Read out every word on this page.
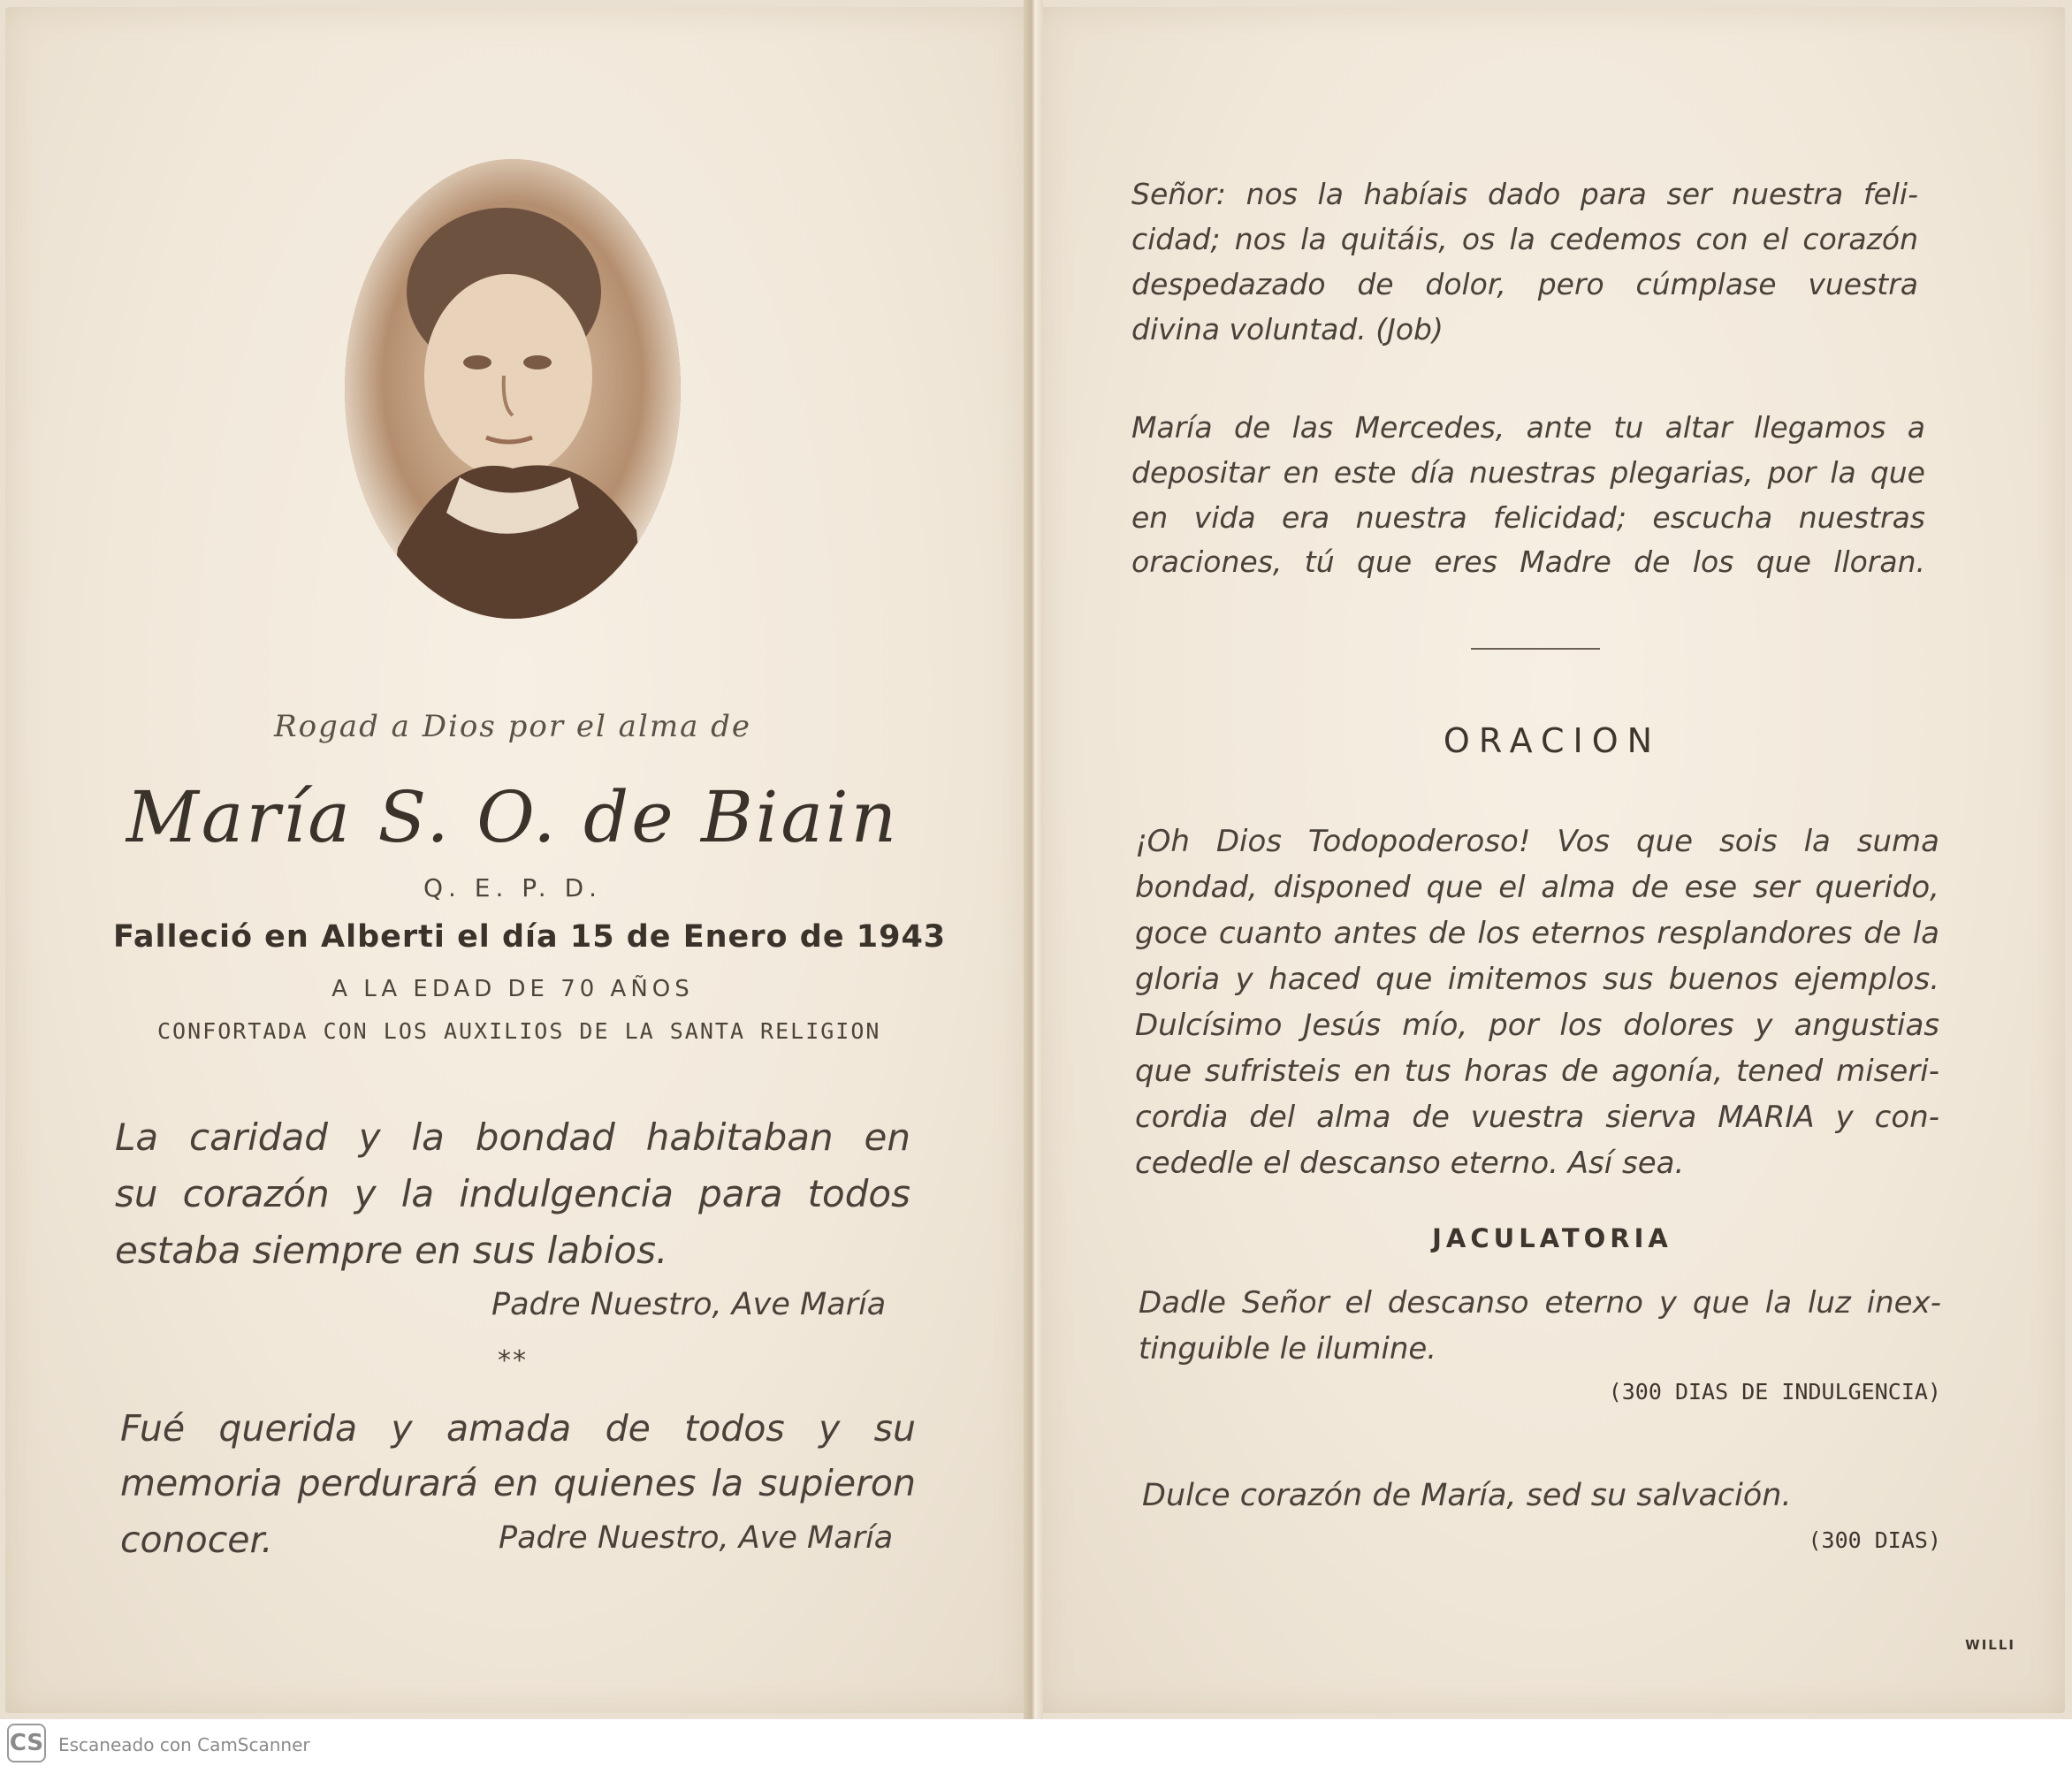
Rogad a Dios por el alma de
María S. O. de Biain
Q. E. P. D.
Falleció en Alberti el día 15 de Enero de 1943
A LA EDAD DE 70 AÑOS
CONFORTADA CON LOS AUXILIOS DE LA SANTA RELIGION
La caridad y la bondad habitaban en
su corazón y la indulgencia para todos
estaba siempre en sus labios.
Padre Nuestro, Ave María
**
Fué querida y amada de todos y su
memoria perdurará en quienes la supieron
conocer.	Padre Nuestro, Ave María
Señor: nos la habíais dado para ser nuestra feli-
cidad; nos la quitáis, os la cedemos con el corazón
despedazado de dolor, pero cúmplase vuestra
divina voluntad. (Job)
María de las Mercedes, ante tu altar llegamos a
depositar en este día nuestras plegarias, por la que
en vida era nuestra felicidad; escucha nuestras
oraciones, tú que eres Madre de los que lloran.
ORACION
¡Oh Dios Todopoderoso! Vos que sois la suma
bondad, disponed que el alma de ese ser querido,
goce cuanto antes de los eternos resplandores de la
gloria y haced que imitemos sus buenos ejemplos.
Dulcísimo Jesús mío, por los dolores y angustias
que sufristeis en tus horas de agonía, tened miseri-
cordia del alma de vuestra sierva MARIA y con-
cededle el descanso eterno. Así sea.
JACULATORIA
Dadle Señor el descanso eterno y que la luz inex-
tinguible le ilumine.
(300 DIAS DE INDULGENCIA)
Dulce corazón de María, sed su salvación.
(300 DIAS)
WILLI
CS Escaneado con CamScanner
